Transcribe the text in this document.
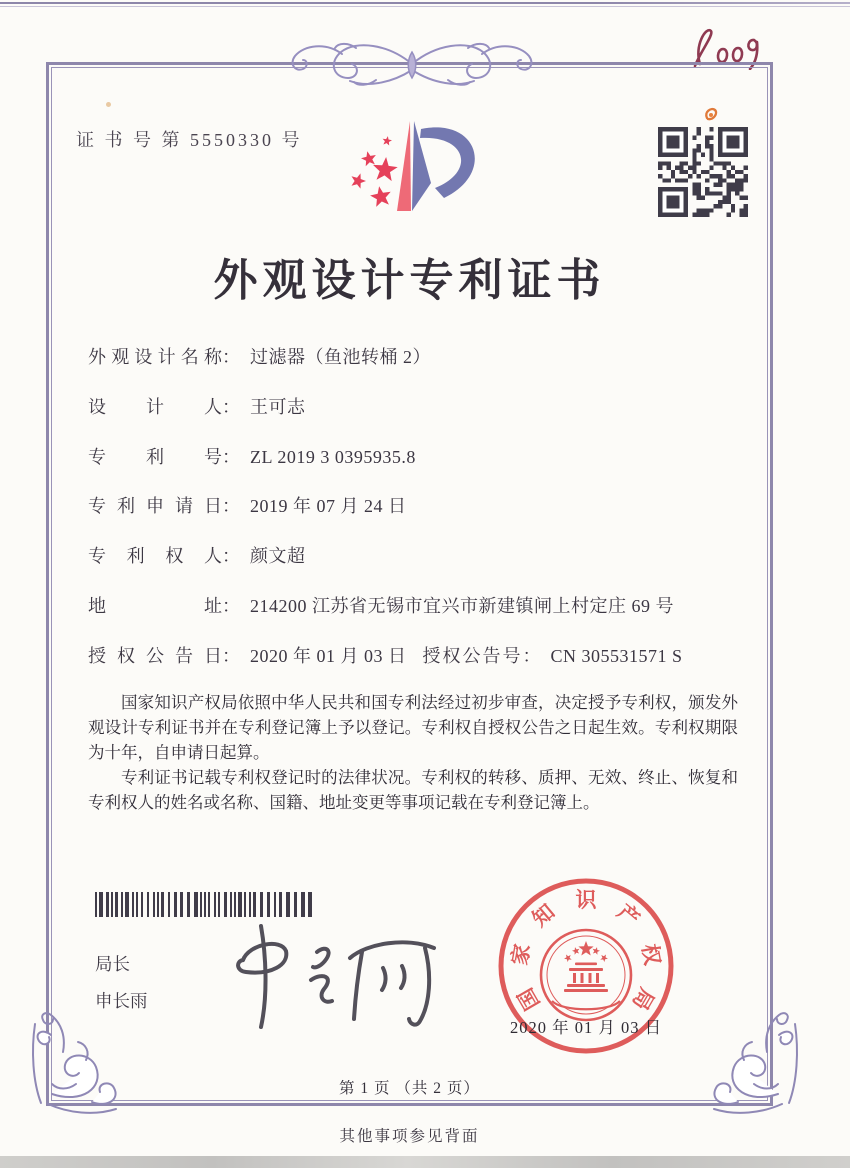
证 书 号 第 5550330 号
外观设计专利证书
外观设计名称： 过滤器（鱼池转桶 2）
设计人： 王可志
专利号： ZL 2019 3 0395935.8
专利申请日： 2019 年 07 月 24 日
专利权人： 颜文超
地址： 214200 江苏省无锡市宜兴市新建镇闸上村定庄 69 号
授权公告日： 2020 年 01 月 03 日 授权公告号： CN 305531571 S

国家知识产权局依照中华人民共和国专利法经过初步审查，决定授予专利权，颁发外观设计专利证书并在专利登记簿上予以登记。专利权自授权公告之日起生效。专利权期限为十年，自申请日起算。

专利证书记载专利权登记时的法律状况。专利权的转移、质押、无效、终止、恢复和专利权人的姓名或名称、国籍、地址变更等事项记载在专利登记簿上。

局长
申长雨	国
家
知 识 产
权
局
2020 年 01 月 03 日
第 1 页 （共 2 页）
其他事项参见背面
